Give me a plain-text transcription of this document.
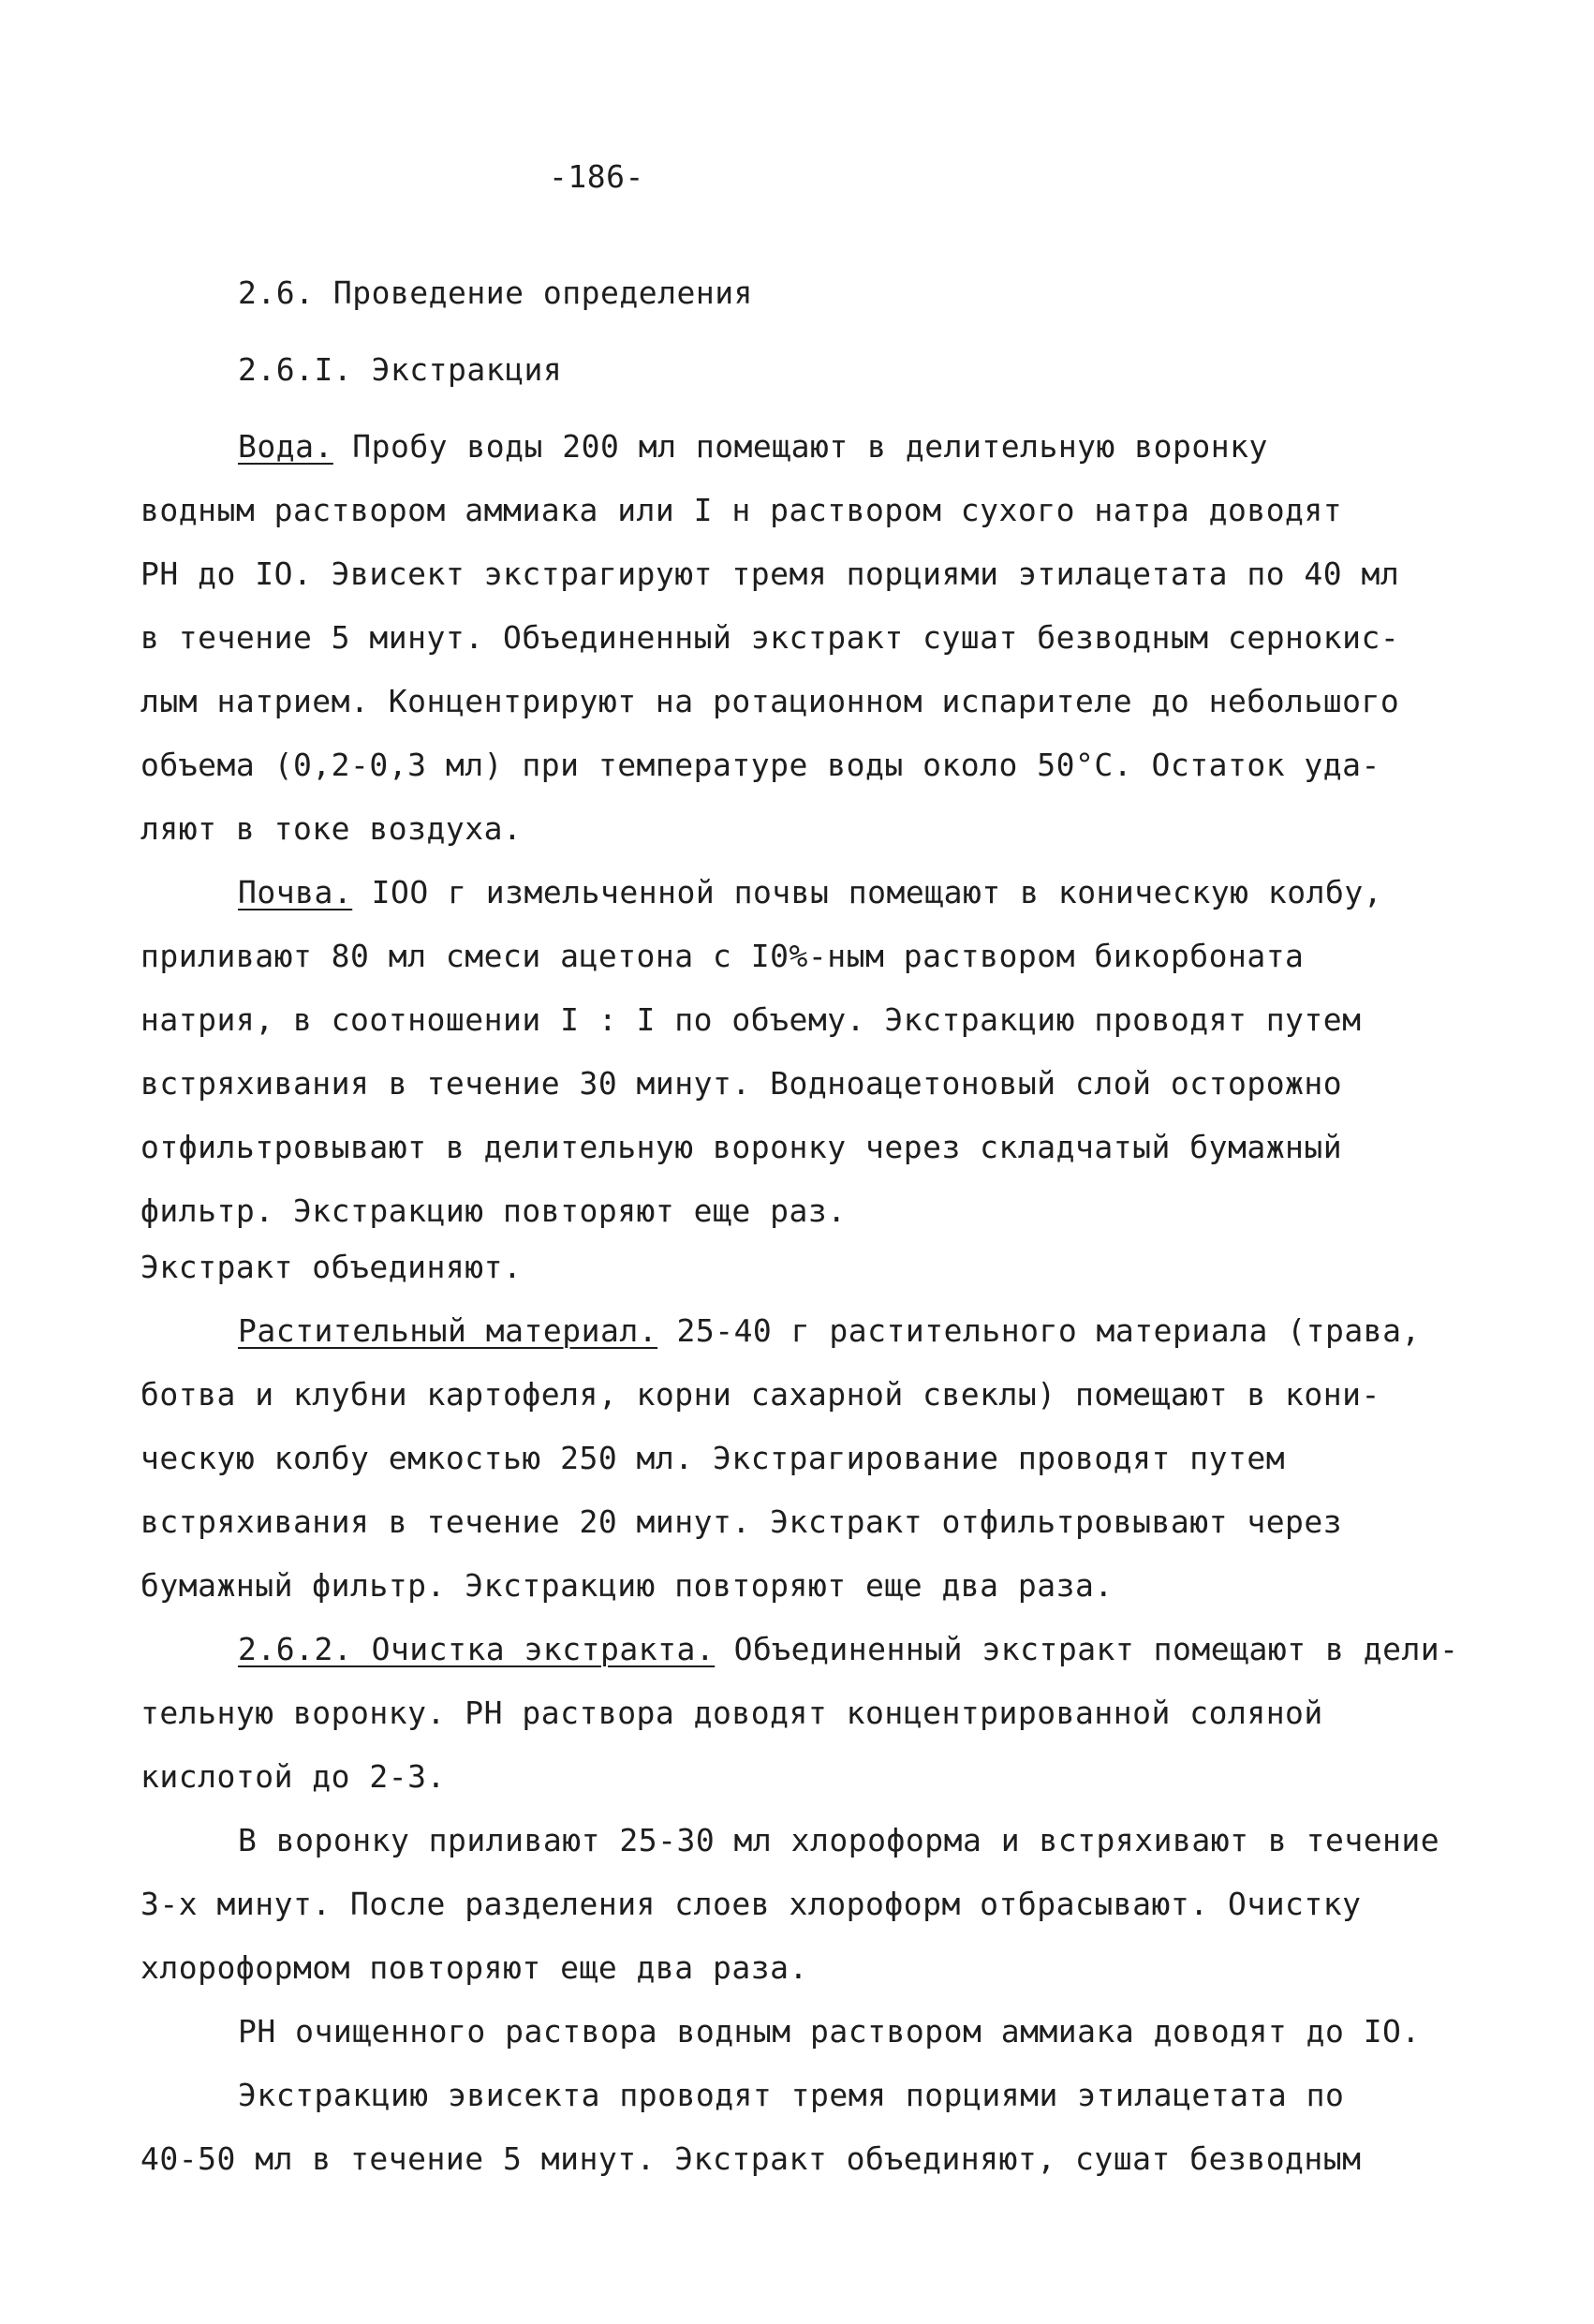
-186-
2.6. Проведение определения
2.6.I. Экстракция
Вода. Пробу воды 200 мл помещают в делительную воронку
водным раствором аммиака или I н раствором сухого натра доводят
РН до IO. Эвисект экстрагируют тремя порциями этилацетата по 40 мл
в течение 5 минут. Объединенный экстракт сушат безводным сернокис-
лым натрием. Концентрируют на ротационном испарителе до небольшого
объема (0,2-0,3 мл) при температуре воды около 50°С. Остаток уда-
ляют в токе воздуха.
Почва. IOO г измельченной почвы помещают в коническую колбу,
приливают 80 мл смеси ацетона с I0%-ным раствором бикорбоната
натрия, в соотношении I : I по объему. Экстракцию проводят путем
встряхивания в течение 30 минут. Водноацетоновый слой осторожно
отфильтровывают в делительную воронку через складчатый бумажный
фильтр. Экстракцию повторяют еще раз.
Экстракт объединяют.
Растительный материал. 25-40 г растительного материала (трава,
ботва и клубни картофеля, корни сахарной свеклы) помещают в кони-
ческую колбу емкостью 250 мл. Экстрагирование проводят путем
встряхивания в течение 20 минут. Экстракт отфильтровывают через
бумажный фильтр. Экстракцию повторяют еще два раза.
2.6.2. Очистка экстракта. Объединенный экстракт помещают в дели-
тельную воронку. РН раствора доводят концентрированной соляной
кислотой до 2-3.
В воронку приливают 25-30 мл хлороформа и встряхивают в течение
3-х минут. После разделения слоев хлороформ отбрасывают. Очистку
хлороформом повторяют еще два раза.
РН очищенного раствора водным раствором аммиака доводят до IO.
Экстракцию эвисекта проводят тремя порциями этилацетата по
40-50 мл в течение 5 минут. Экстракт объединяют, сушат безводным
